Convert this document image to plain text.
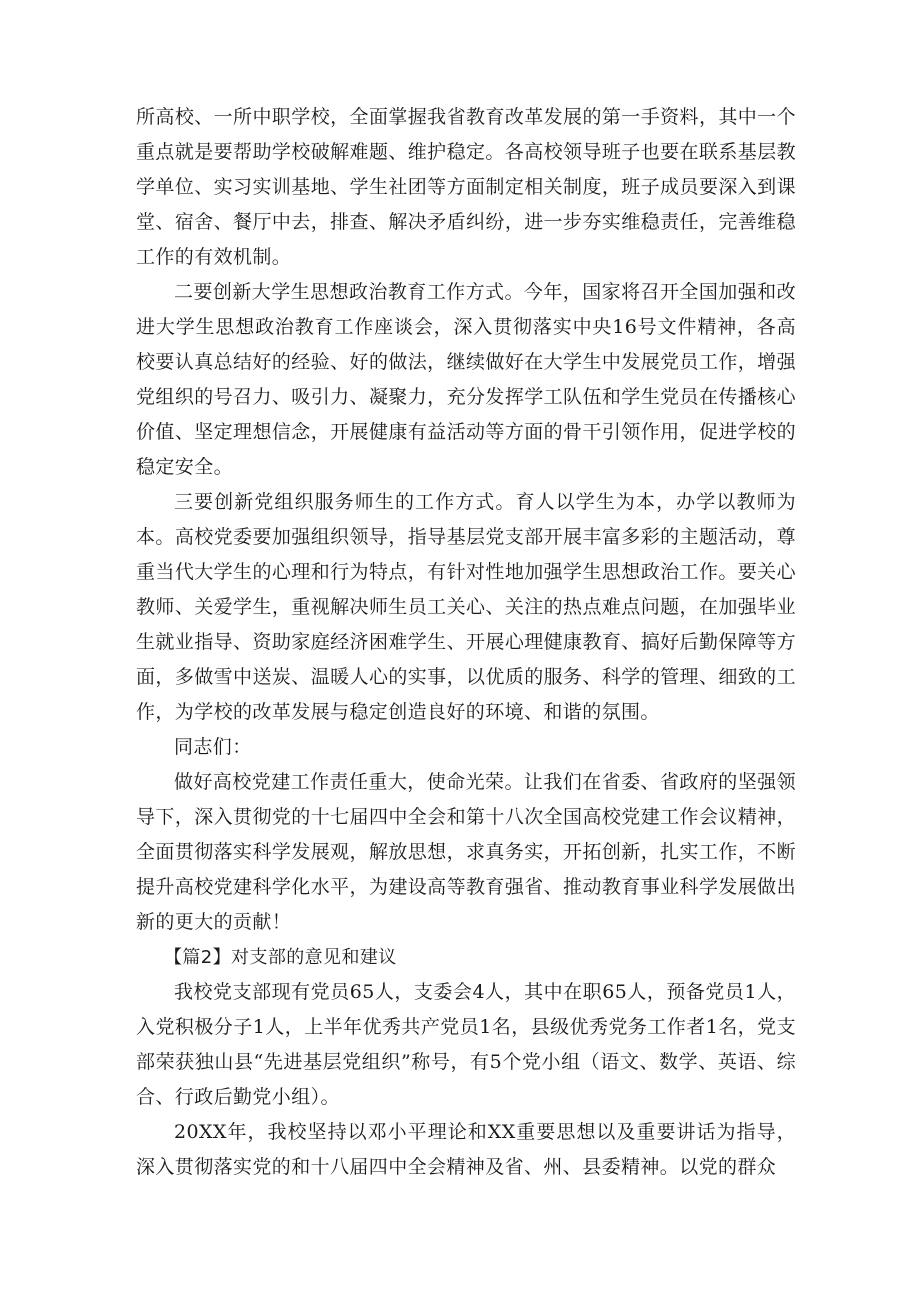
所高校、一所中职学校，全面掌握我省教育改革发展的第一手资料，其中一个重点就是要帮助学校破解难题、维护稳定。各高校领导班子也要在联系基层教学单位、实习实训基地、学生社团等方面制定相关制度，班子成员要深入到课堂、宿舍、餐厅中去，排查、解决矛盾纠纷，进一步夯实维稳责任，完善维稳工作的有效机制。

二要创新大学生思想政治教育工作方式。今年，国家将召开全国加强和改进大学生思想政治教育工作座谈会，深入贯彻落实中央16号文件精神，各高校要认真总结好的经验、好的做法，继续做好在大学生中发展党员工作，增强党组织的号召力、吸引力、凝聚力，充分发挥学工队伍和学生党员在传播核心价值、坚定理想信念，开展健康有益活动等方面的骨干引领作用，促进学校的稳定安全。

三要创新党组织服务师生的工作方式。育人以学生为本，办学以教师为本。高校党委要加强组织领导，指导基层党支部开展丰富多彩的主题活动，尊重当代大学生的心理和行为特点，有针对性地加强学生思想政治工作。要关心教师、关爱学生，重视解决师生员工关心、关注的热点难点问题，在加强毕业生就业指导、资助家庭经济困难学生、开展心理健康教育、搞好后勤保障等方面，多做雪中送炭、温暖人心的实事，以优质的服务、科学的管理、细致的工作，为学校的改革发展与稳定创造良好的环境、和谐的氛围。

同志们：

做好高校党建工作责任重大，使命光荣。让我们在省委、省政府的坚强领导下，深入贯彻党的十七届四中全会和第十八次全国高校党建工作会议精神，全面贯彻落实科学发展观，解放思想，求真务实，开拓创新，扎实工作，不断提升高校党建科学化水平，为建设高等教育强省、推动教育事业科学发展做出新的更大的贡献！

【篇2】对支部的意见和建议

我校党支部现有党员65人，支委会4人，其中在职65人，预备党员1人，入党积极分子1人，上半年优秀共产党员1名，县级优秀党务工作者1名，党支部荣获独山县“先进基层党组织”称号，有5个党小组（语文、数学、英语、综合、行政后勤党小组）。

20XX年，我校坚持以邓小平理论和XX重要思想以及重要讲话为指导，深入贯彻落实党的和十八届四中全会精神及省、州、县委精神。以党的群众
